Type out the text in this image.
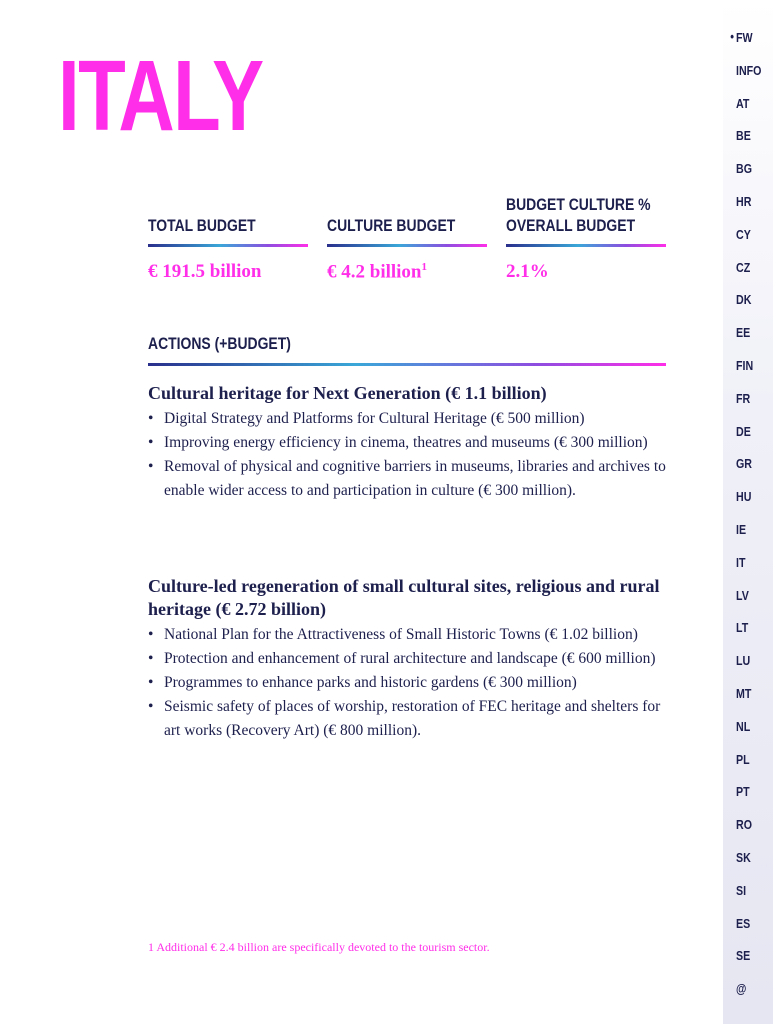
ITALY
TOTAL BUDGET
€ 191.5 billion
CULTURE BUDGET
€ 4.2 billion$^1$
BUDGET CULTURE %
OVERALL BUDGET
2.1%
ACTIONS (+BUDGET)
Cultural heritage for Next Generation (€ 1.1 billion)
• Digital Strategy and Platforms for Cultural Heritage (€ 500 million)
• Improving energy efficiency in cinema, theatres and museums (€ 300 million)
• Removal of physical and cognitive barriers in museums, libraries and archives to enable wider access to and participation in culture (€ 300 million).
Culture-led regeneration of small cultural sites, religious and rural heritage (€ 2.72 billion)
• National Plan for the Attractiveness of Small Historic Towns (€ 1.02 billion)
• Protection and enhancement of rural architecture and landscape (€ 600 million)
• Programmes to enhance parks and historic gardens (€ 300 million)
• Seismic safety of places of worship, restoration of FEC heritage and shelters for art works (Recovery Art) (€ 800 million).
1 Additional € 2.4 billion are specifically devoted to the tourism sector.
• FW
INFO
AT
BE
BG
HR
CY
CZ
DK
EE
FIN
FR
DE
GR
HU
IE
IT
LV
LT
LU
MT
NL
PL
PT
RO
SK
SI
ES
SE
@
